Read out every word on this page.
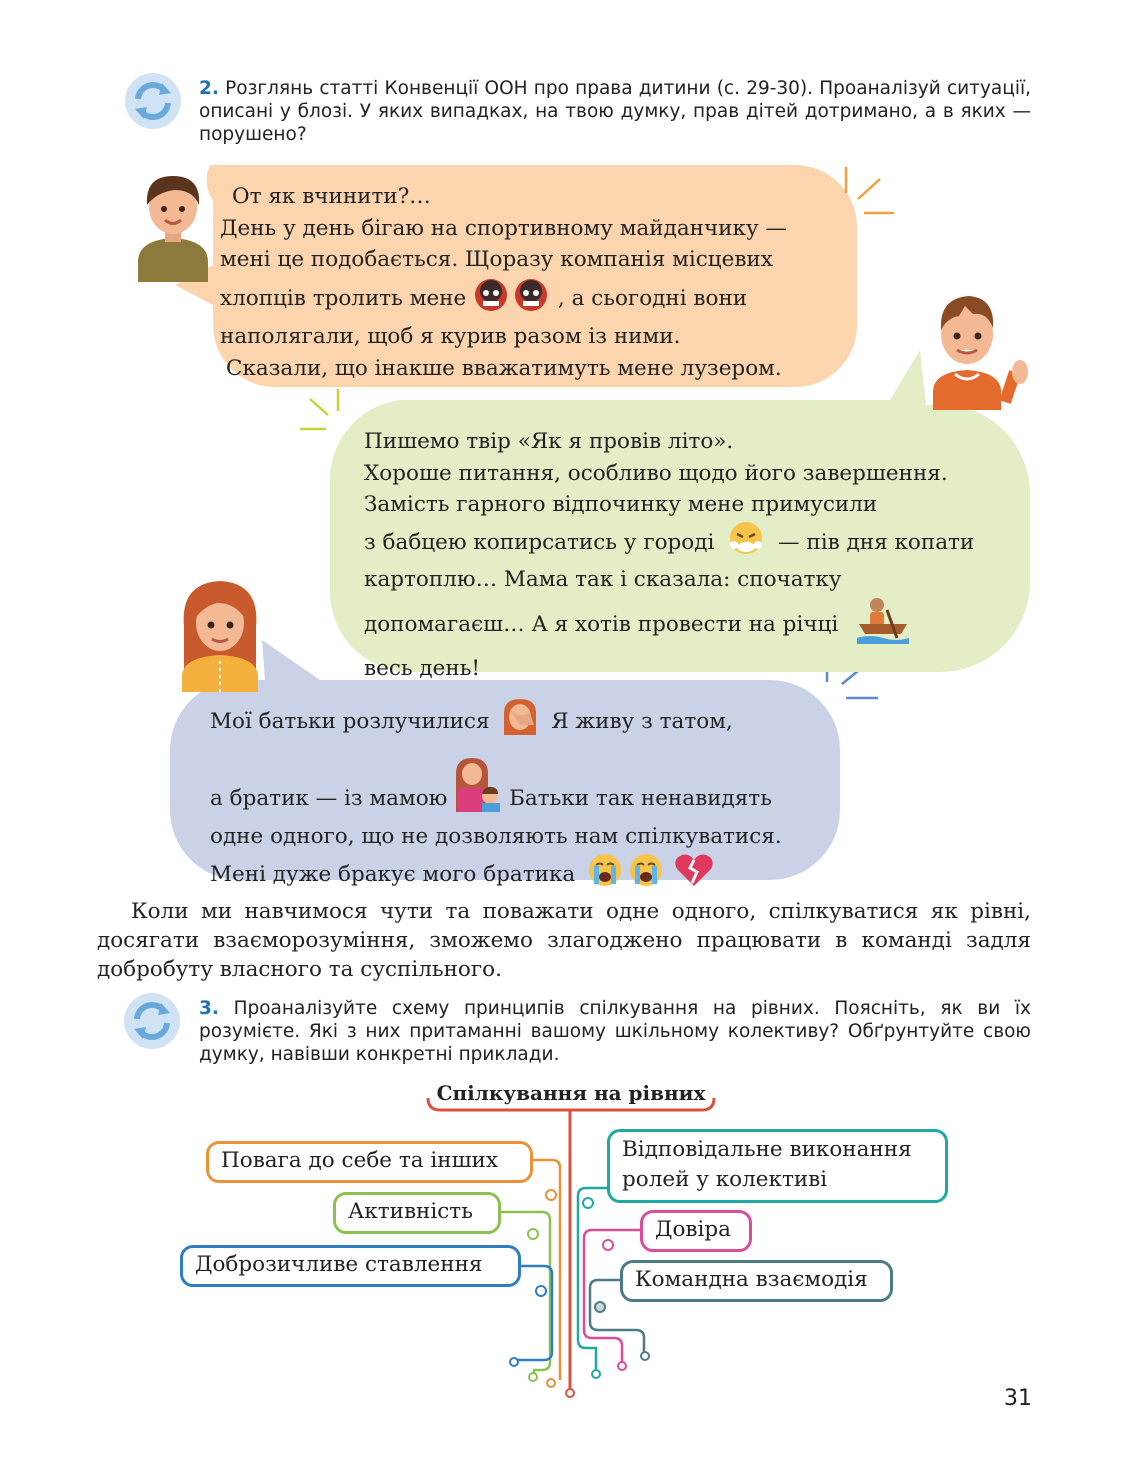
2. Розглянь статті Конвенції ООН про права дитини (с. 29-30). Проаналізуй ситуації, описані у блозі. У яких випадках, на твою думку, прав дітей дотримано, а в яких — порушено?
От як вчинити?…
День у день бігаю на спортивному майданчику —
мені це подобається. Щоразу компанія місцевих
хлопців тролить мене	, а сьогодні вони
наполягали, щоб я курив разом із ними.
Сказали, що інакше вважатимуть мене лузером.
Пишемо твір «Як я провів літо».
Хороше питання, особливо щодо його завершення.
Замість гарного відпочинку мене примусили
з бабцею копирсатись у городі	— пів дня копати
картоплю… Мама так і сказала: спочатку
допомагаєш… А я хотів провести на річці
весь день!
Мої батьки розлучилися	Я живу з татом,
а братик — із мамою	Батьки так ненавидять
одне одного, що не дозволяють нам спілкуватися.
Мені дуже бракує мого братика
Коли ми навчимося чути та поважати одне одного, спілкуватися як рівні, досягати взаєморозуміння, зможемо злагоджено працювати в команді задля добробуту власного та суспільного.
3. Проаналізуйте схему принципів спілкування на рівних. Поясніть, як ви їх розумієте. Які з них притаманні вашому шкільному колективу? Обґрунтуйте свою думку, навівши конкретні приклади.
Спілкування на рівних
Повага до себе та інших
Активність
Доброзичливе ставлення
Відповідальне виконання
ролей у колективі
Довіра
Командна взаємодія
31
